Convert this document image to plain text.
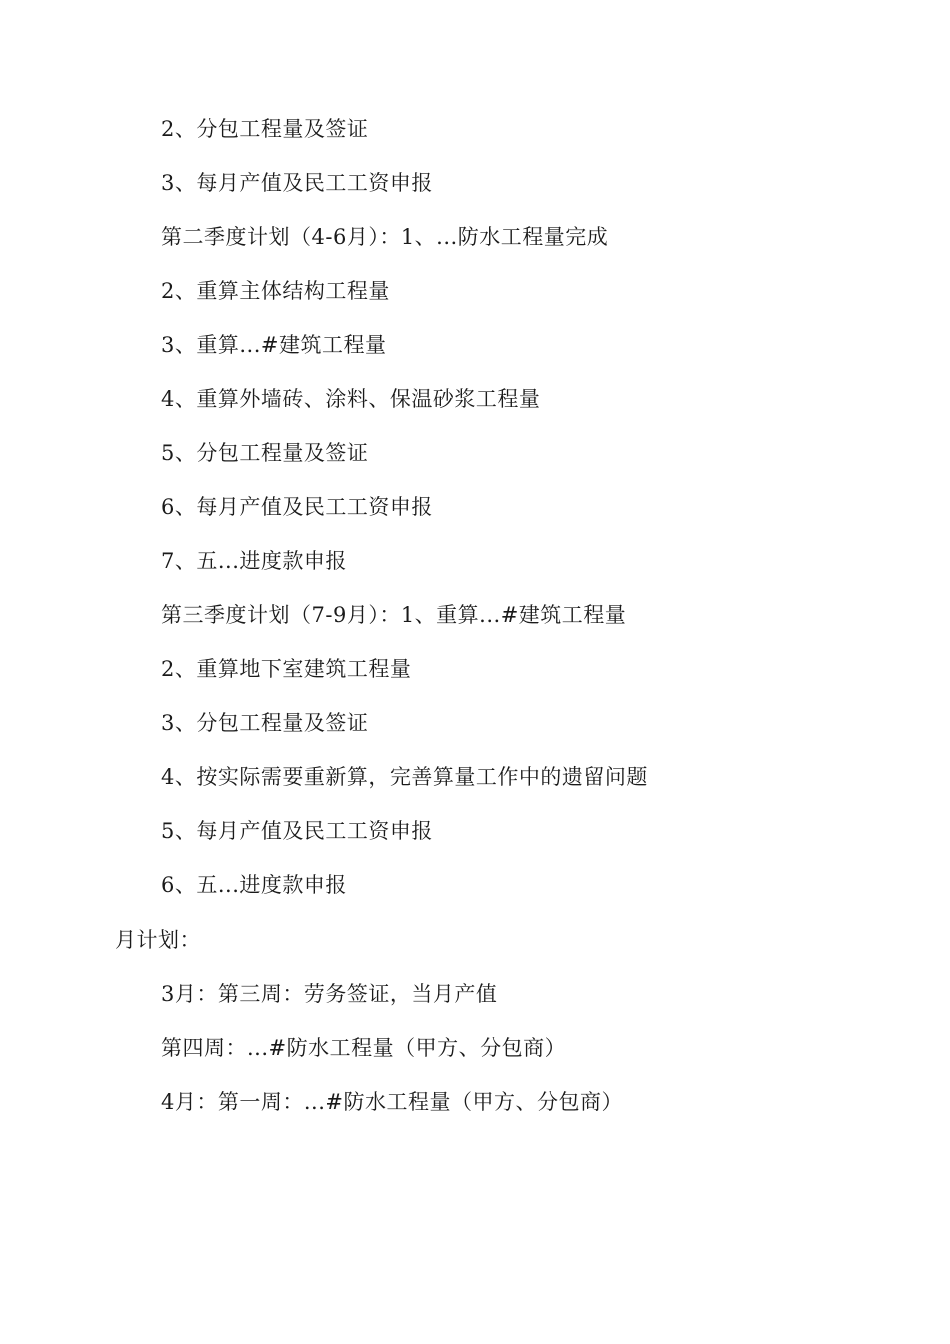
2、分包工程量及签证
3、每月产值及民工工资申报
第二季度计划（4-6月）：1、...防水工程量完成
2、重算主体结构工程量
3、重算...#建筑工程量
4、重算外墙砖、涂料、保温砂浆工程量
5、分包工程量及签证
6、每月产值及民工工资申报
7、五...进度款申报
第三季度计划（7-9月）：1、重算...#建筑工程量
2、重算地下室建筑工程量
3、分包工程量及签证
4、按实际需要重新算，完善算量工作中的遗留问题
5、每月产值及民工工资申报
6、五...进度款申报
月计划：
3月：第三周：劳务签证，当月产值
第四周：...#防水工程量（甲方、分包商）
4月：第一周：...#防水工程量（甲方、分包商）
